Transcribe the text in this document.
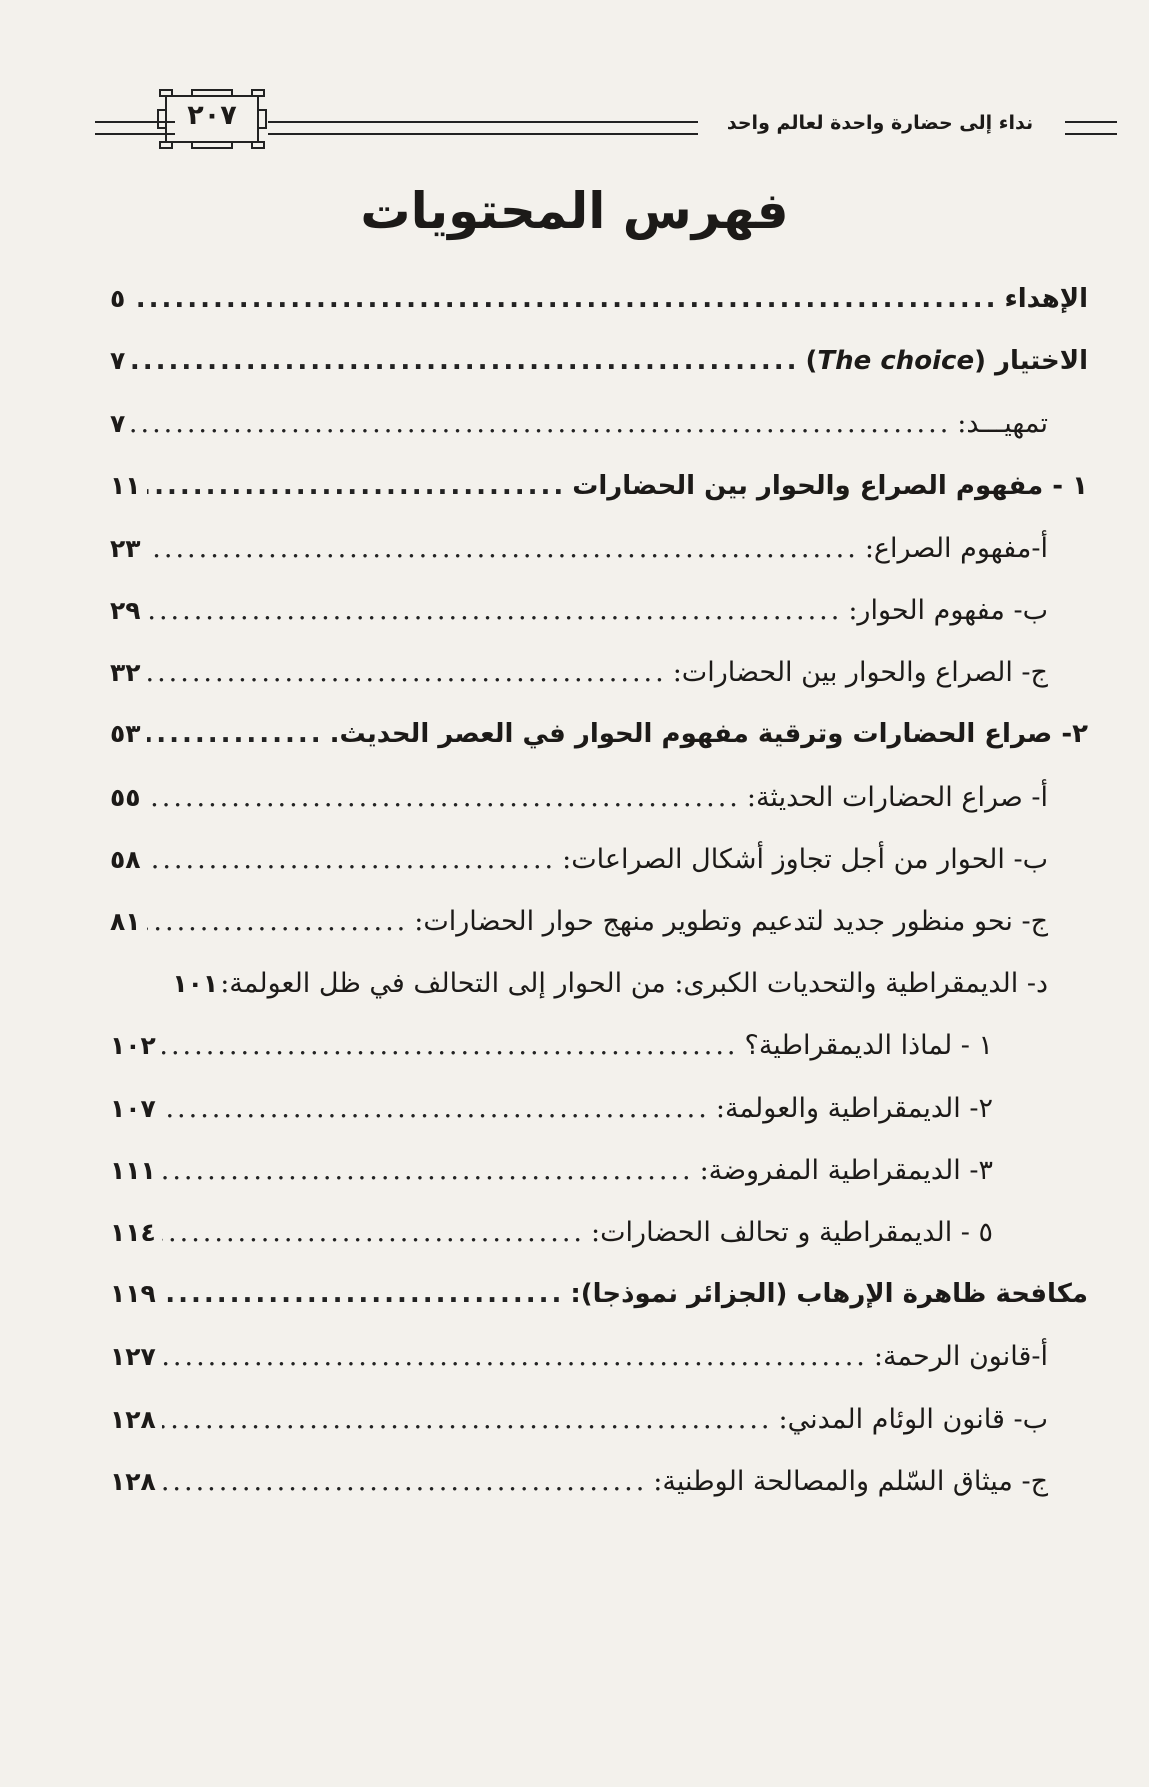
٢٠٧	نداء إلى حضارة واحدة لعالم واحد
فهرس المحتويات
الإهداء
.....
٥
الاختيار (The choice)
.....
٧
تمهيـــد:
.....
٧
١ - مفهوم الصراع والحوار بين الحضارات
.....
١١
أ-مفهوم الصراع:
.....
٢٣
ب- مفهوم الحوار:
.....
٢٩
ج- الصراع والحوار بين الحضارات:
.....
٣٢
٢- صراع الحضارات وترقية مفهوم الحوار في العصر الحديث.
.....
٥٣
أ- صراع الحضارات الحديثة:
.....
٥٥
ب- الحوار من أجل تجاوز أشكال الصراعات:
.....
٥٨
ج- نحو منظور جديد لتدعيم وتطوير منهج حوار الحضارات:
.....
٨١
د- الديمقراطية والتحديات الكبرى: من الحوار إلى التحالف في ظل العولمة:
١٠١
١ - لماذا الديمقراطية؟
.....
١٠٢
٢- الديمقراطية والعولمة:
.....
١٠٧
٣- الديمقراطية المفروضة:
.....
١١١
٥ - الديمقراطية و تحالف الحضارات:
.....
١١٤
مكافحة ظاهرة الإرهاب (الجزائر نموذجا):
.....
١١٩
أ-قانون الرحمة:
.....
١٢٧
ب- قانون الوئام المدني:
.....
١٢٨
ج- ميثاق السّلم والمصالحة الوطنية:
.....
١٢٨
